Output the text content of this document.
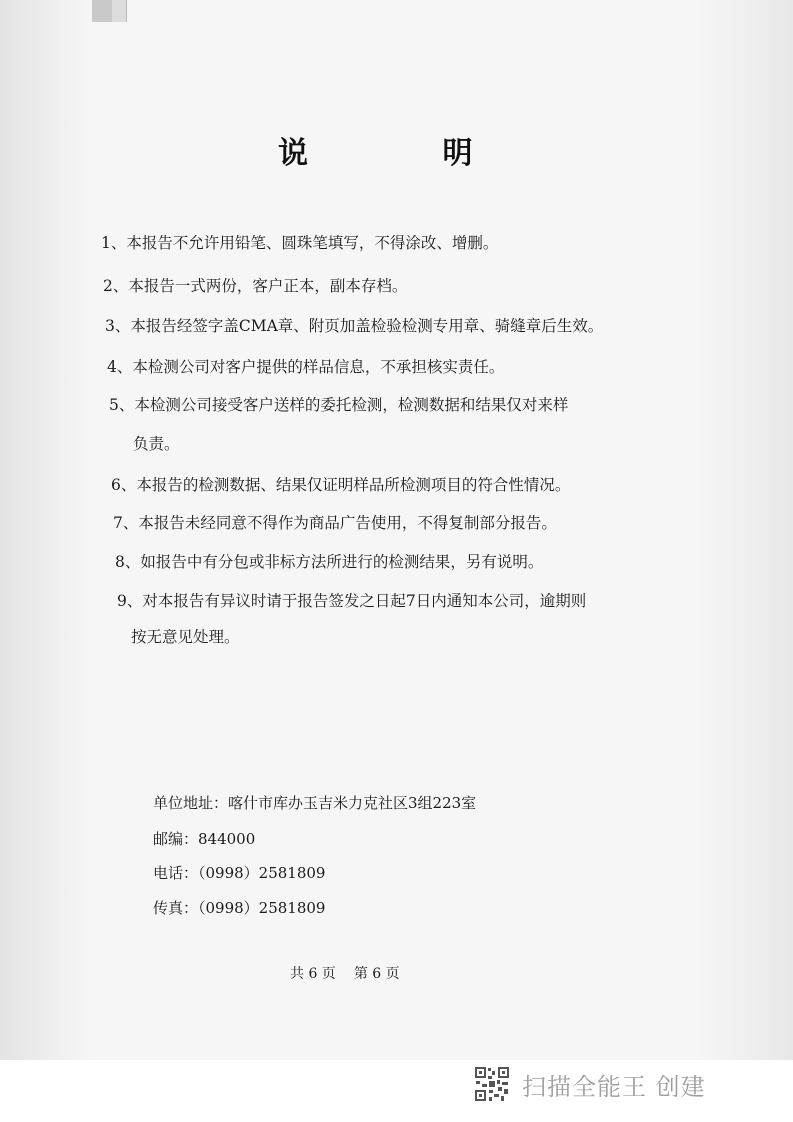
说 明
1、本报告不允许用铅笔、圆珠笔填写，不得涂改、增删。
2、本报告一式两份，客户正本，副本存档。
3、本报告经签字盖CMA章、附页加盖检验检测专用章、骑缝章后生效。
4、本检测公司对客户提供的样品信息，不承担核实责任。
5、本检测公司接受客户送样的委托检测，检测数据和结果仅对来样
负责。
6、本报告的检测数据、结果仅证明样品所检测项目的符合性情况。
7、本报告未经同意不得作为商品广告使用，不得复制部分报告。
8、如报告中有分包或非标方法所进行的检测结果，另有说明。
9、对本报告有异议时请于报告签发之日起7日内通知本公司，逾期则
按无意见处理。
单位地址：喀什市库办玉吉米力克社区3组223室
邮编：844000
电话：（0998）2581809
传真：（0998）2581809
共 6 页 第 6 页
扫描全能王 创建
